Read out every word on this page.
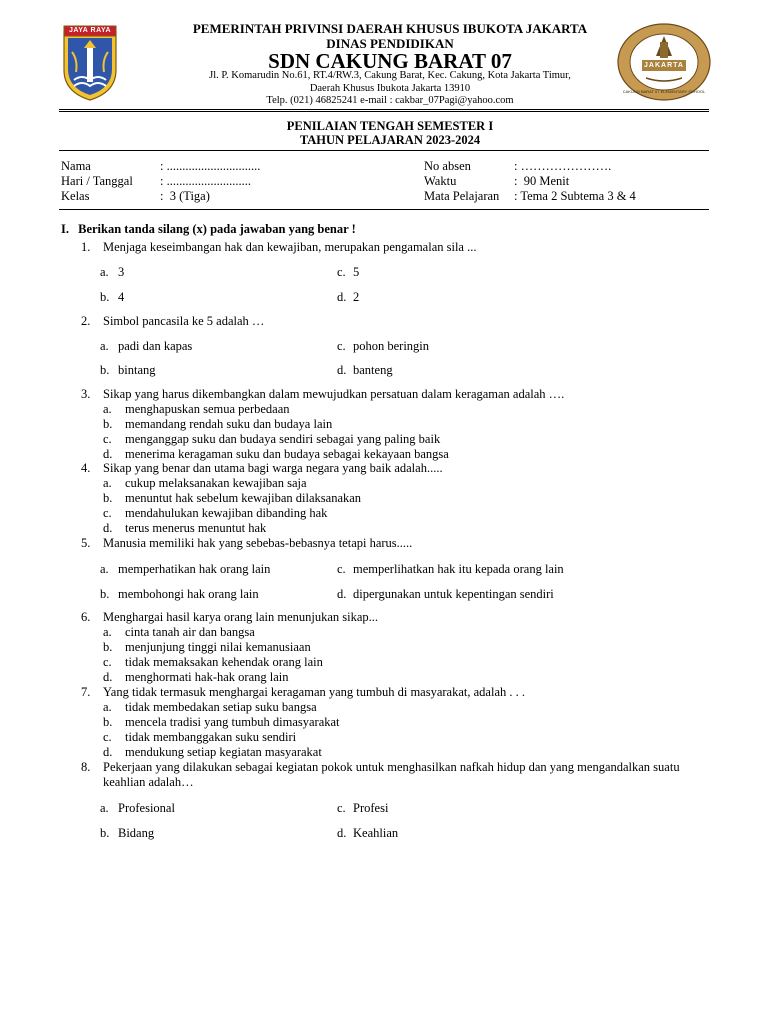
JAYA RAYA
JAKARTA
CAKUNG BARAT 07 ELEMENTARY SCHOOL
PEMERINTAH PRIVINSI DAERAH KHUSUS IBUKOTA JAKARTA
DINAS PENDIDIKAN
SDN CAKUNG BARAT 07
Jl. P. Komarudin No.61, RT.4/RW.3, Cakung Barat, Kec. Cakung, Kota Jakarta Timur,
Daerah Khusus Ibukota Jakarta 13910
Telp. (021) 46825241 e-mail : cakbar_07Pagi@yahoo.com
PENILAIAN TENGAH SEMESTER I
TAHUN PELAJARAN 2023-2024
Nama	: ..............................
Hari / Tanggal : ...........................
Kelas	:  3 (Tiga)
No absen	: ………………….
Waktu	:  90 Menit
Mata Pelajaran : Tema 2 Subtema 3 & 4
I. Berikan tanda silang (x) pada jawaban yang benar !
1. Menjaga keseimbangan hak dan kewajiban, merupakan pengamalan sila ...
a. 3
b. 4
c. 5
d. 2
2. Simbol pancasila ke 5 adalah …
a. padi dan kapas
b. bintang
c. pohon beringin
d. banteng
3. Sikap yang harus dikembangkan dalam mewujudkan persatuan dalam keragaman adalah ….
a. menghapuskan semua perbedaan
b. memandang rendah suku dan budaya lain
c. menganggap suku dan budaya sendiri sebagai yang paling baik
d. menerima keragaman suku dan budaya sebagai kekayaan bangsa
4. Sikap yang benar dan utama bagi warga negara yang baik adalah.....
a. cukup melaksanakan kewajiban saja
b. menuntut hak sebelum kewajiban dilaksanakan
c. mendahulukan kewajiban dibanding hak
d. terus menerus menuntut hak
5. Manusia memiliki hak yang sebebas-bebasnya tetapi harus.....
a. memperhatikan hak orang lain
b. membohongi hak orang lain
c. memperlihatkan hak itu kepada orang lain
d. dipergunakan untuk kepentingan sendiri
6. Menghargai hasil karya orang lain menunjukan sikap...
a. cinta tanah air dan bangsa
b. menjunjung tinggi nilai kemanusiaan
c. tidak memaksakan kehendak orang lain
d. menghormati hak-hak orang lain
7. Yang tidak termasuk menghargai keragaman yang tumbuh di masyarakat, adalah . . .
a. tidak membedakan setiap suku bangsa
b. mencela tradisi yang tumbuh dimasyarakat
c. tidak membanggakan suku sendiri
d. mendukung setiap kegiatan masyarakat
8. Pekerjaan yang dilakukan sebagai kegiatan pokok untuk menghasilkan nafkah hidup dan yang mengandalkan suatu keahlian adalah…
a. Profesional
b. Bidang
c. Profesi
d. Keahlian
